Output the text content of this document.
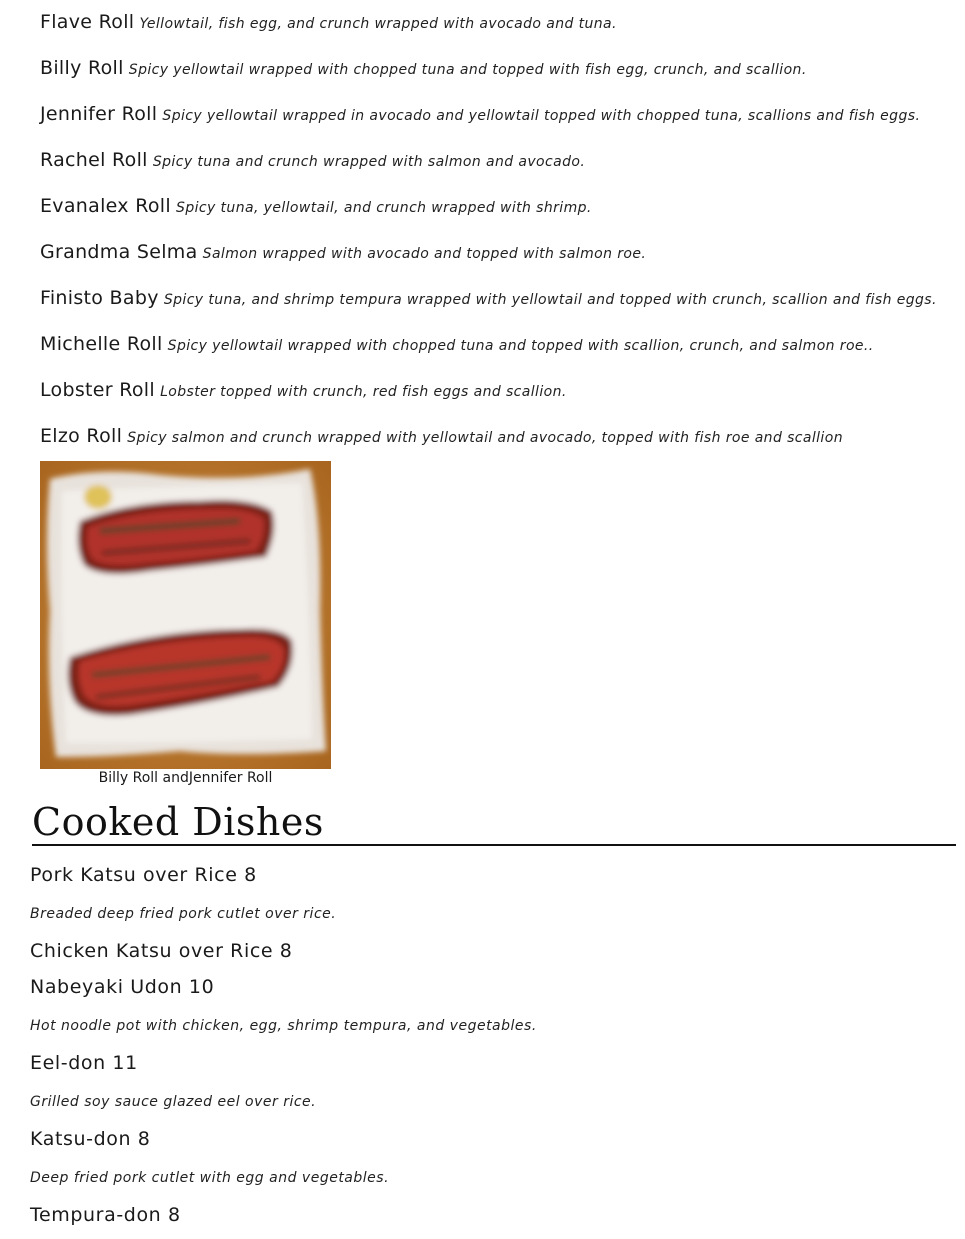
Flave Roll Yellowtail, fish egg, and crunch wrapped with avocado and tuna.
Billy Roll Spicy yellowtail wrapped with chopped tuna and topped with fish egg, crunch, and scallion.
Jennifer Roll Spicy yellowtail wrapped in avocado and yellowtail topped with chopped tuna, scallions and fish eggs.
Rachel Roll Spicy tuna and crunch wrapped with salmon and avocado.
Evanalex Roll Spicy tuna, yellowtail, and crunch wrapped with shrimp.
Grandma Selma Salmon wrapped with avocado and topped with salmon roe.
Finisto Baby Spicy tuna, and shrimp tempura wrapped with yellowtail and topped with crunch, scallion and fish eggs.
Michelle Roll Spicy yellowtail wrapped with chopped tuna and topped with scallion, crunch, and salmon roe..
Lobster Roll Lobster topped with crunch, red fish eggs and scallion.
Elzo Roll Spicy salmon and crunch wrapped with yellowtail and avocado, topped with fish roe and scallion
Billy Roll andJennifer Roll
Cooked Dishes
Pork Katsu over Rice 8
Breaded deep fried pork cutlet over rice.
Chicken Katsu over Rice 8
Nabeyaki Udon 10
Hot noodle pot with chicken, egg, shrimp tempura, and vegetables.
Eel-don 11
Grilled soy sauce glazed eel over rice.
Katsu-don 8
Deep fried pork cutlet with egg and vegetables.
Tempura-don 8
